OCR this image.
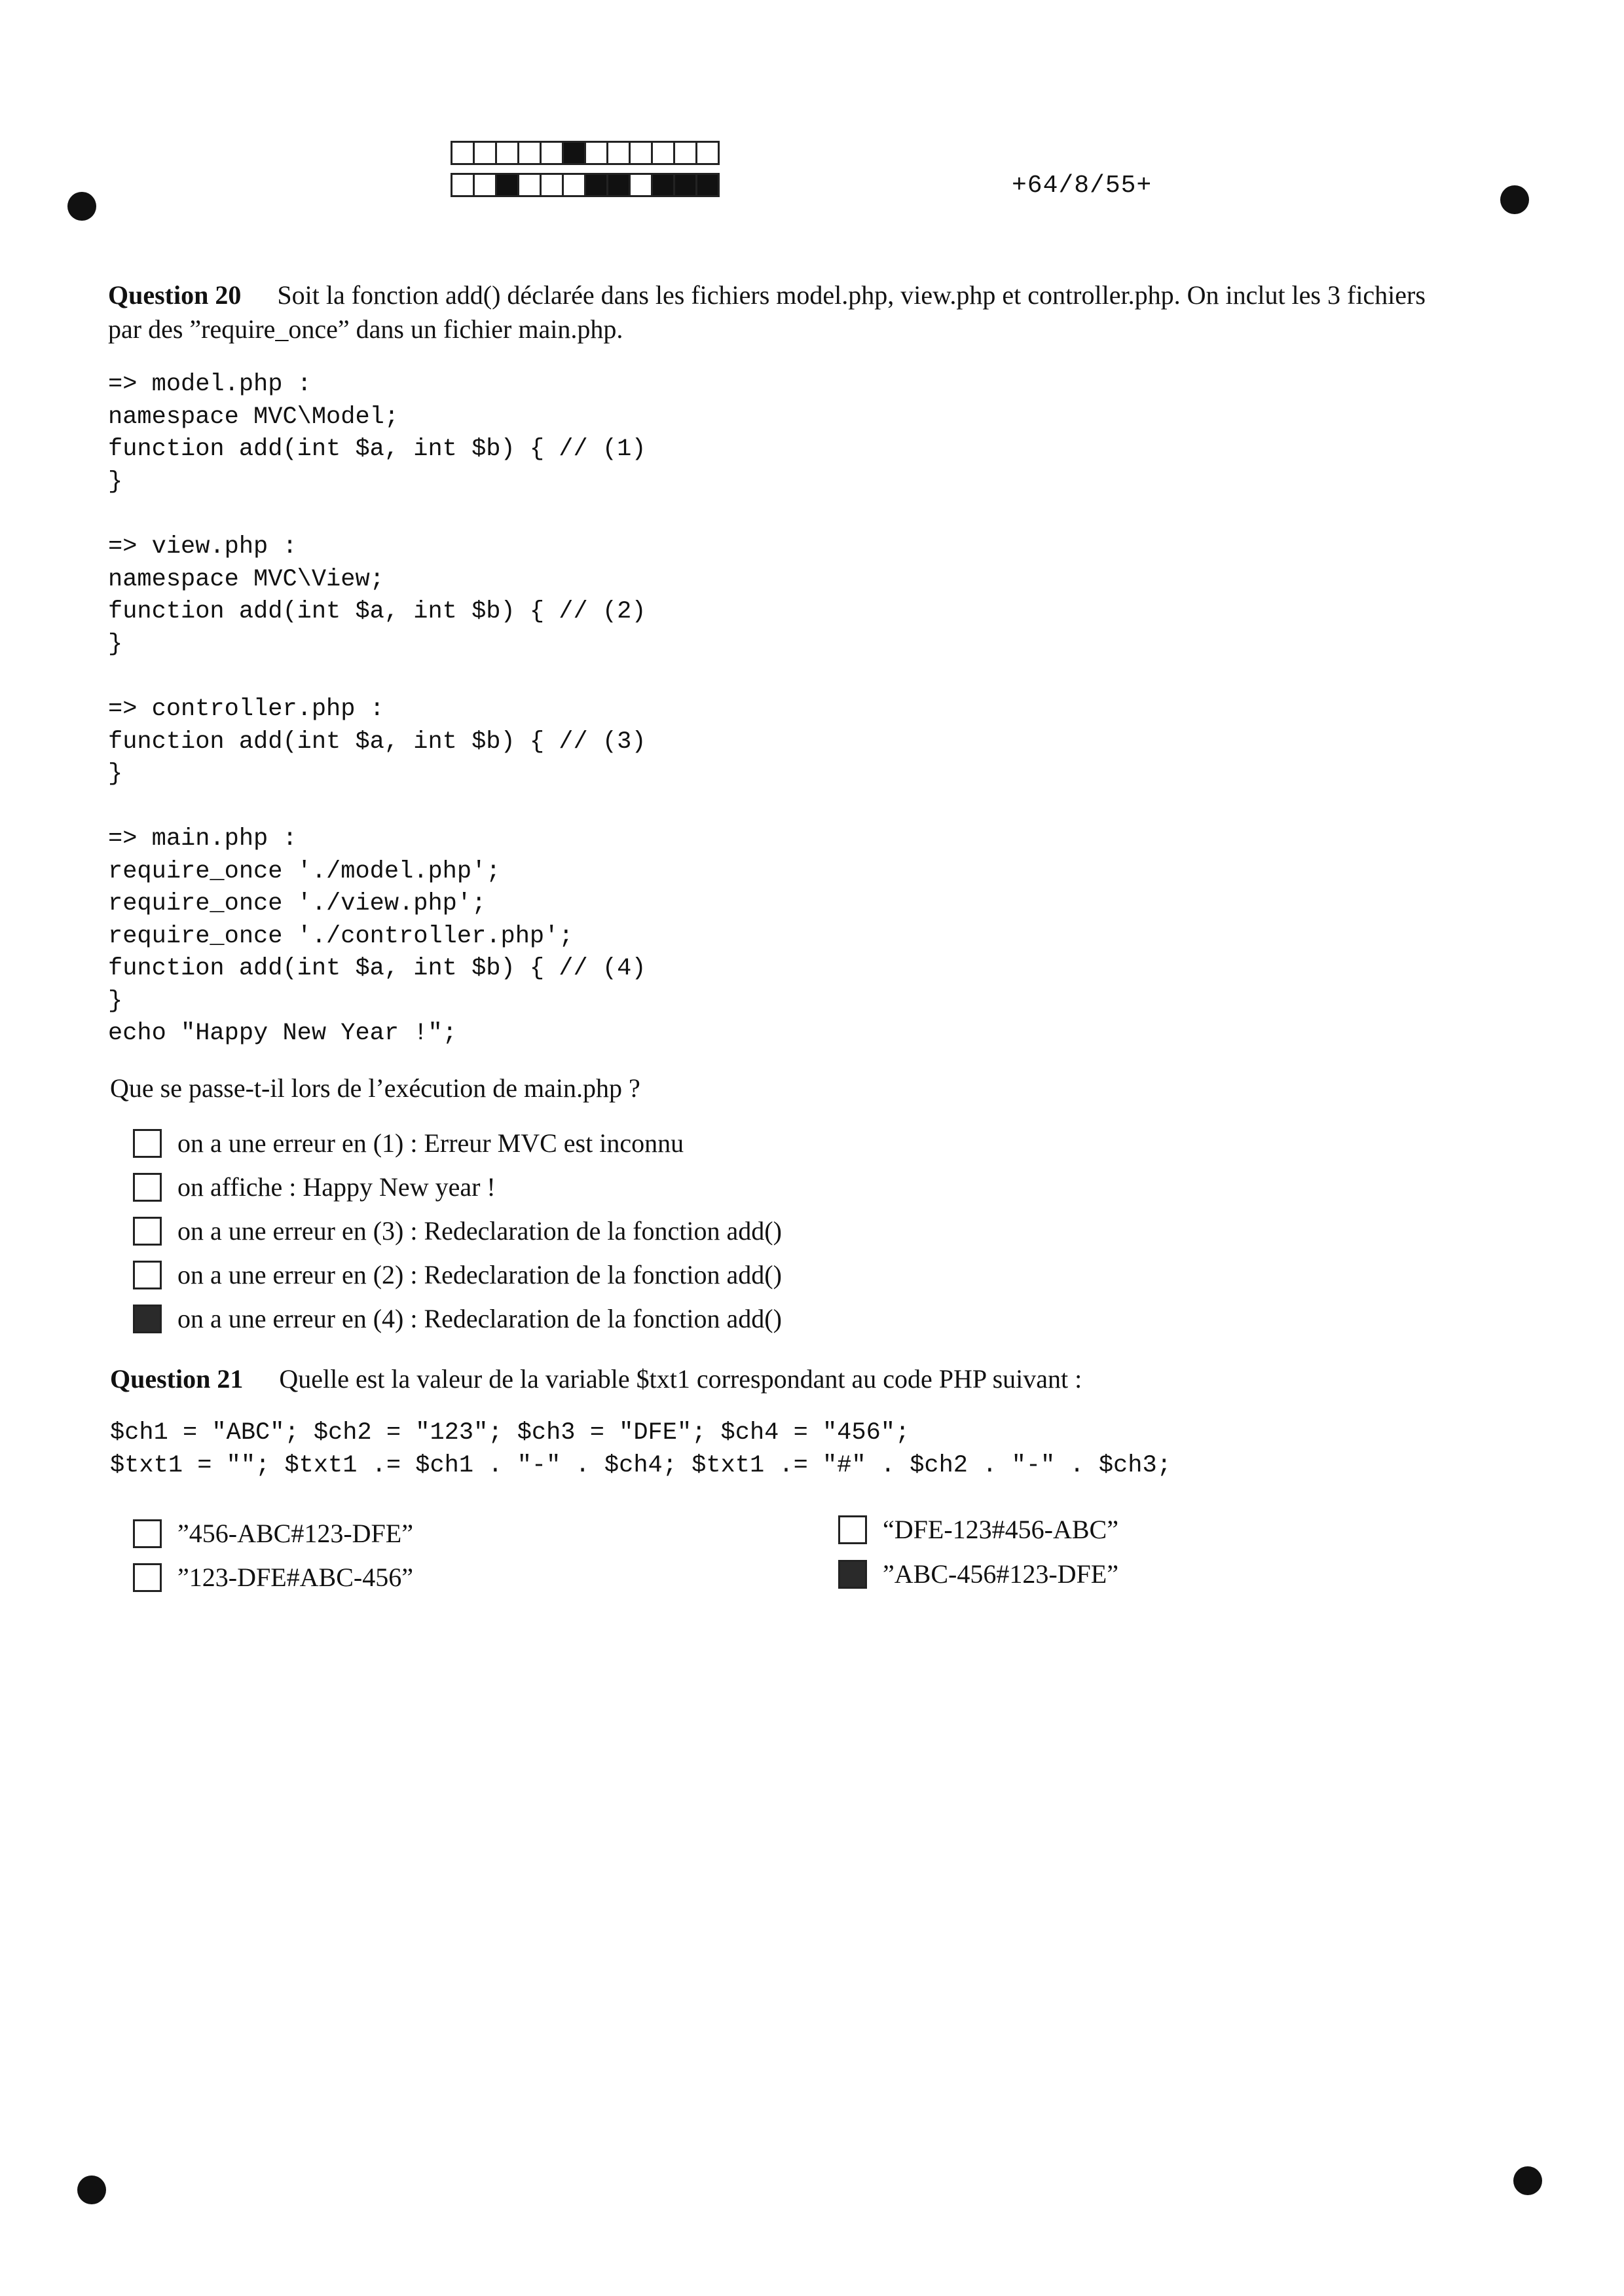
+64/8/55+
Question 20 Soit la fonction add() déclarée dans les fichiers model.php, view.php et controller.php. On inclut les 3 fichiers
par des ”require_once” dans un fichier main.php.
=> model.php :
namespace MVC\Model;
function add(int $a, int $b) { // (1)
}
=> view.php :
namespace MVC\View;
function add(int $a, int $b) { // (2)
}
=> controller.php :
function add(int $a, int $b) { // (3)
}
=> main.php :
require_once './model.php';
require_once './view.php';
require_once './controller.php';
function add(int $a, int $b) { // (4)
}
echo "Happy New Year !";
Que se passe-t-il lors de l’exécution de main.php ?
on a une erreur en (1) : Erreur MVC est inconnu
on affiche : Happy New year !
on a une erreur en (3) : Redeclaration de la fonction add()
on a une erreur en (2) : Redeclaration de la fonction add()
on a une erreur en (4) : Redeclaration de la fonction add()
Question 21 Quelle est la valeur de la variable $txt1 correspondant au code PHP suivant :
$ch1 = "ABC"; $ch2 = "123"; $ch3 = "DFE"; $ch4 = "456";
$txt1 = ""; $txt1 .= $ch1 . "-" . $ch4; $txt1 .= "#" . $ch2 . "-" . $ch3;
”456-ABC#123-DFE”
”123-DFE#ABC-456”
“DFE-123#456-ABC”
”ABC-456#123-DFE”
